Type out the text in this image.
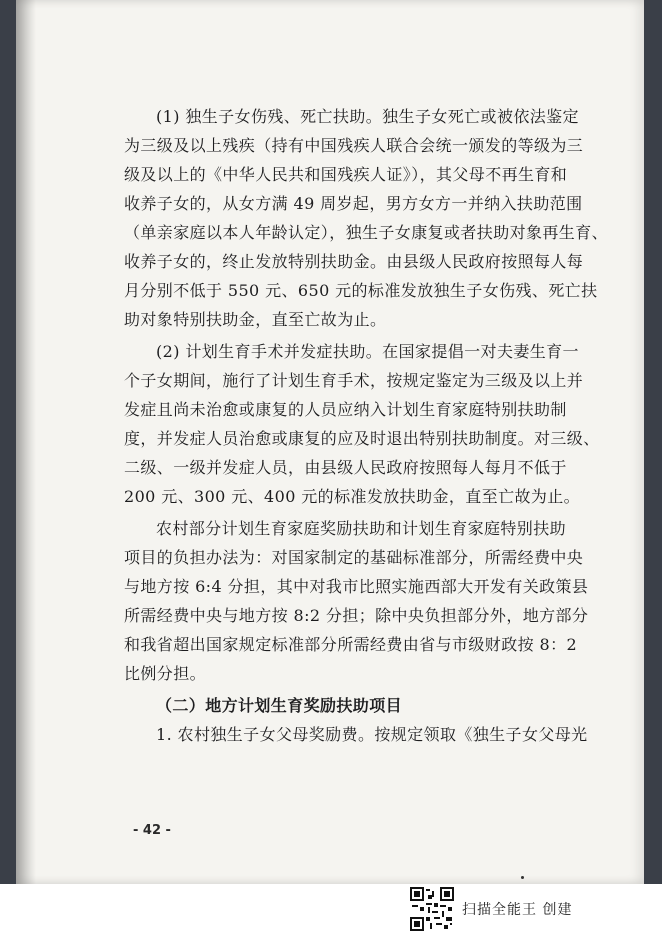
(1) 独生子女伤残、死亡扶助。独生子女死亡或被依法鉴定
为三级及以上残疾（持有中国残疾人联合会统一颁发的等级为三
级及以上的《中华人民共和国残疾人证》），其父母不再生育和
收养子女的，从女方满 49 周岁起，男方女方一并纳入扶助范围
（单亲家庭以本人年龄认定），独生子女康复或者扶助对象再生育、
收养子女的，终止发放特别扶助金。由县级人民政府按照每人每
月分别不低于 550 元、650 元的标准发放独生子女伤残、死亡扶
助对象特别扶助金，直至亡故为止。
(2) 计划生育手术并发症扶助。在国家提倡一对夫妻生育一
个子女期间，施行了计划生育手术，按规定鉴定为三级及以上并
发症且尚未治愈或康复的人员应纳入计划生育家庭特别扶助制
度，并发症人员治愈或康复的应及时退出特别扶助制度。对三级、
二级、一级并发症人员，由县级人民政府按照每人每月不低于
200 元、300 元、400 元的标准发放扶助金，直至亡故为止。
农村部分计划生育家庭奖励扶助和计划生育家庭特别扶助
项目的负担办法为：对国家制定的基础标准部分，所需经费中央
与地方按 6:4 分担，其中对我市比照实施西部大开发有关政策县
所需经费中央与地方按 8:2 分担；除中央负担部分外，地方部分
和我省超出国家规定标准部分所需经费由省与市级财政按 8：2
比例分担。
（二）地方计划生育奖励扶助项目
1. 农村独生子女父母奖励费。按规定领取《独生子女父母光
- 42 -
扫描全能王 创建
